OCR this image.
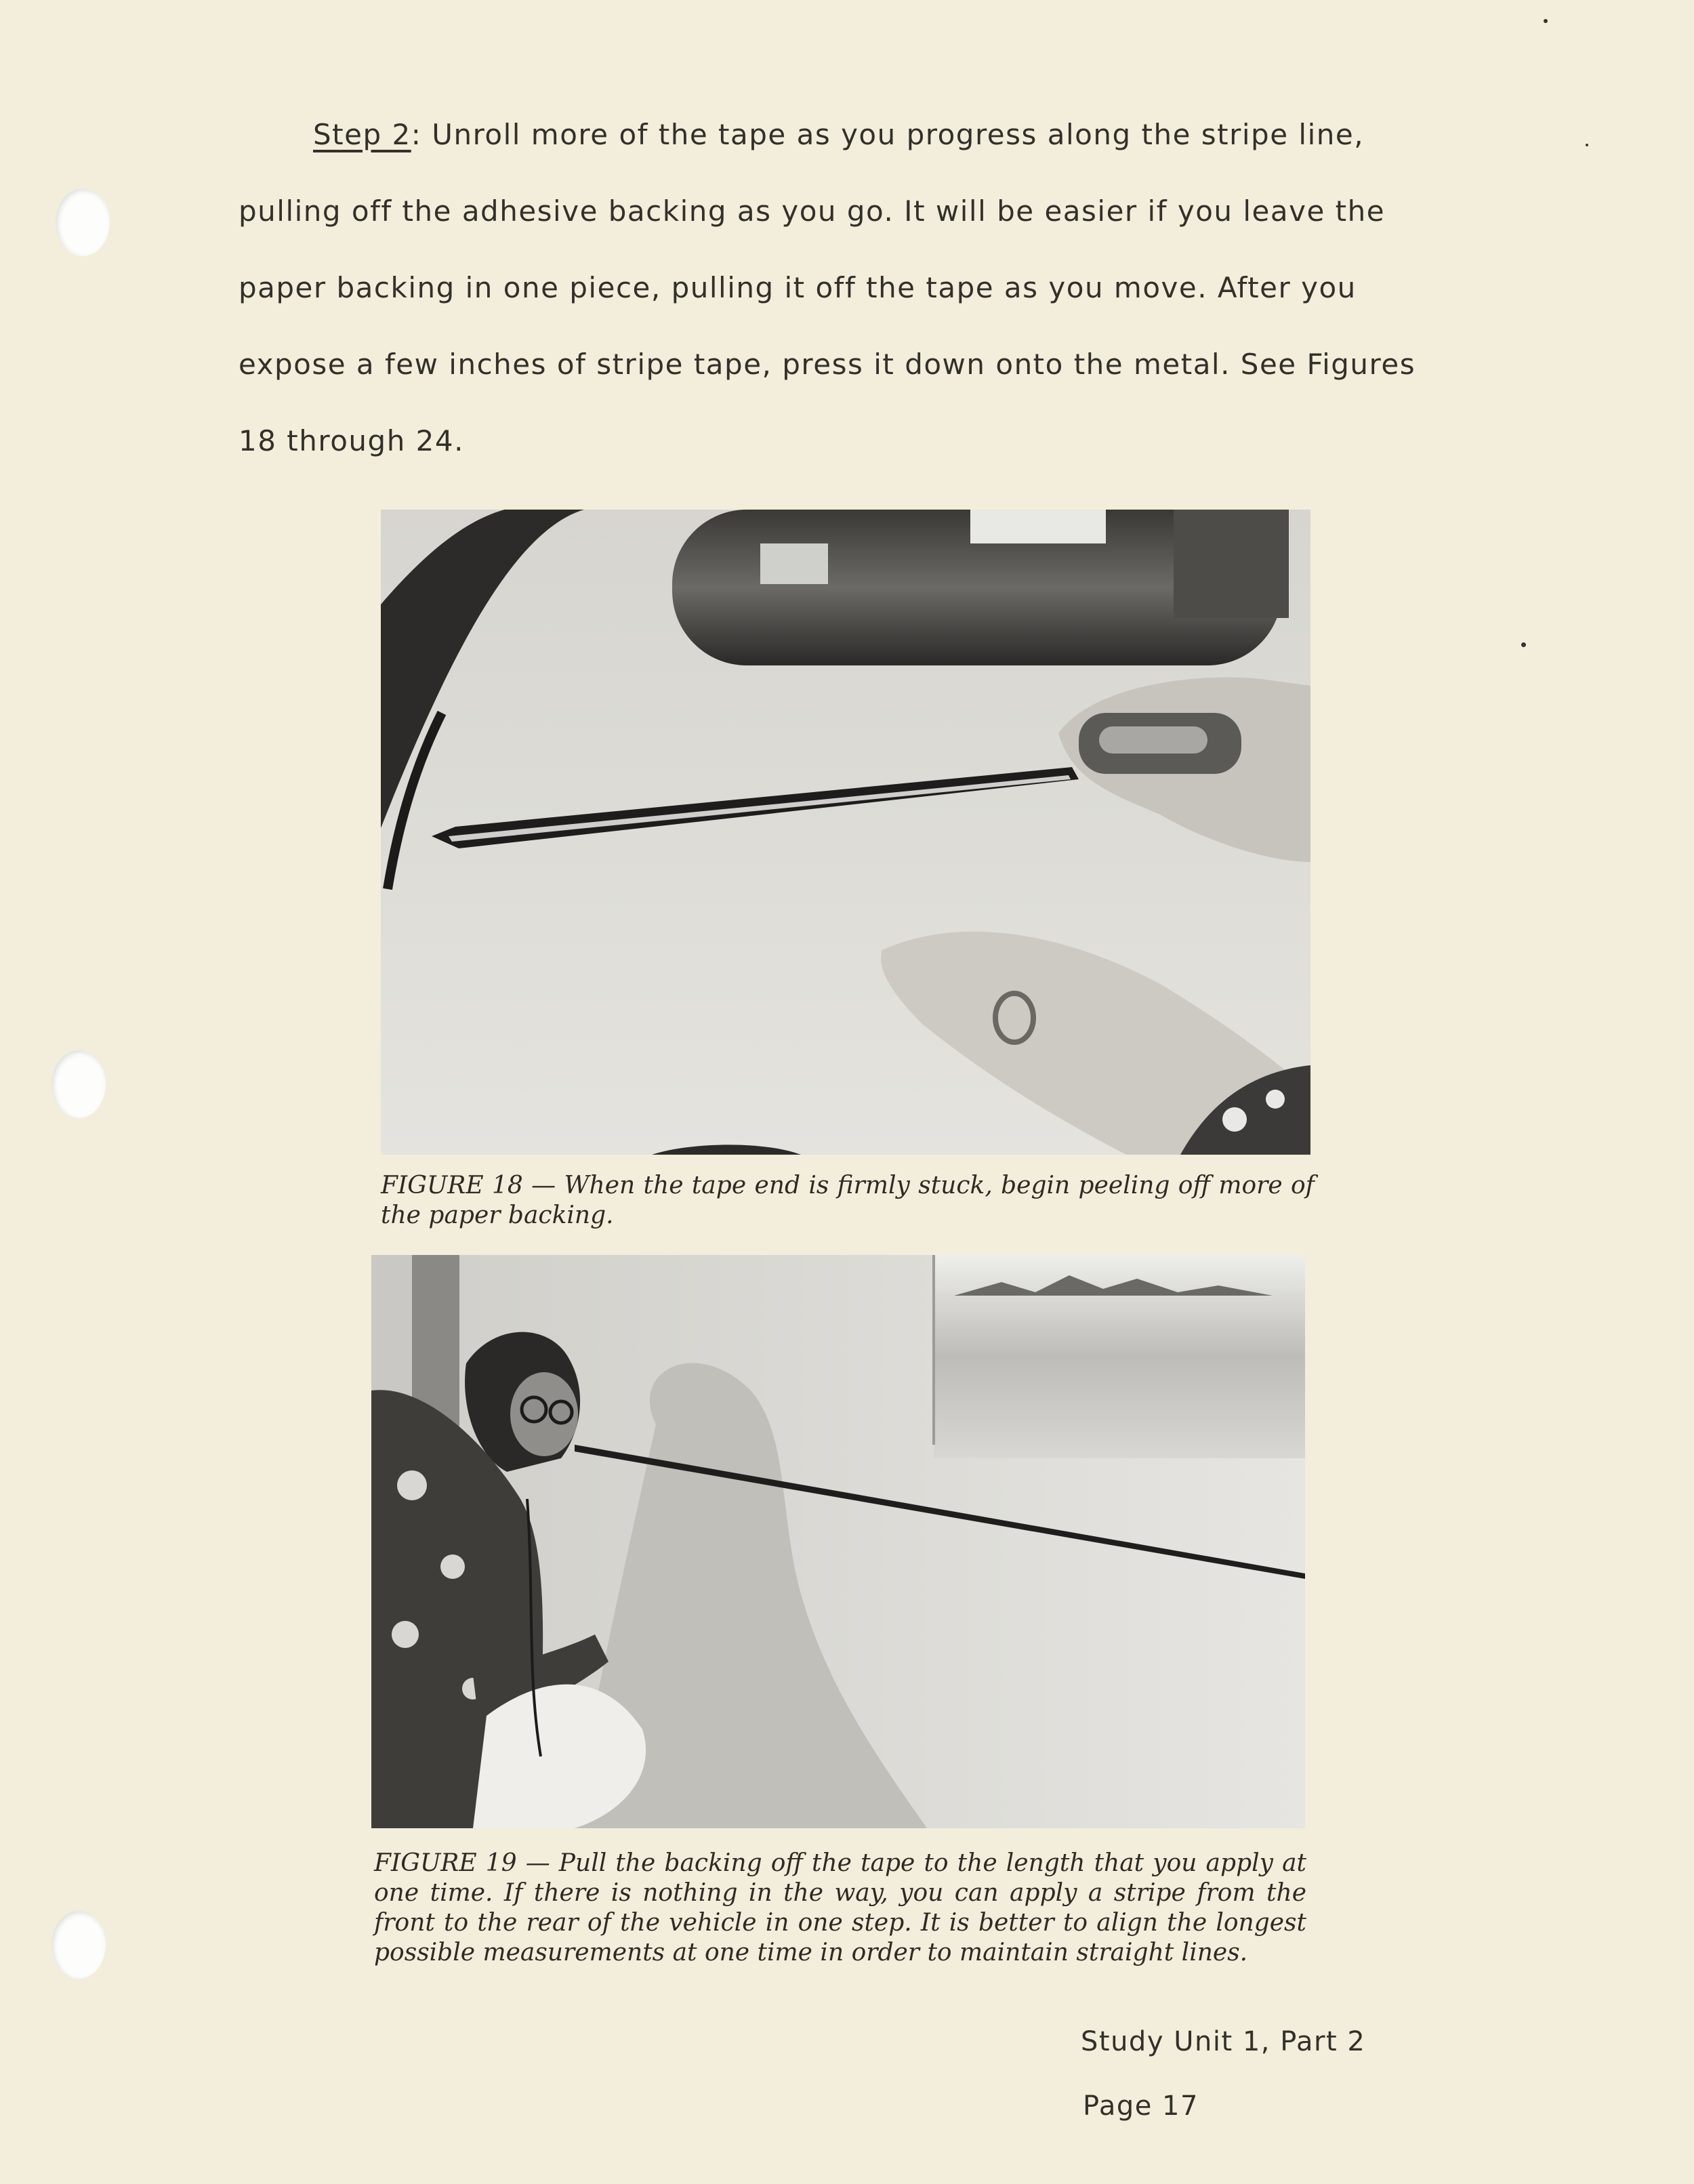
Step 2: Unroll more of the tape as you progress along the stripe line,
pulling off the adhesive backing as you go. It will be easier if you leave the
paper backing in one piece, pulling it off the tape as you move. After you
expose a few inches of stripe tape, press it down onto the metal. See Figures
18 through 24.

FIGURE 18 — When the tape end is firmly stuck, begin peeling off more of the paper backing.

FIGURE 19 — Pull the backing off the tape to the length that you apply at one time. If there is nothing in the way, you can apply a stripe from the front to the rear of the vehicle in one step. It is better to align the longest possible measurements at one time in order to maintain straight lines.

Study Unit 1, Part 2
Page 17
